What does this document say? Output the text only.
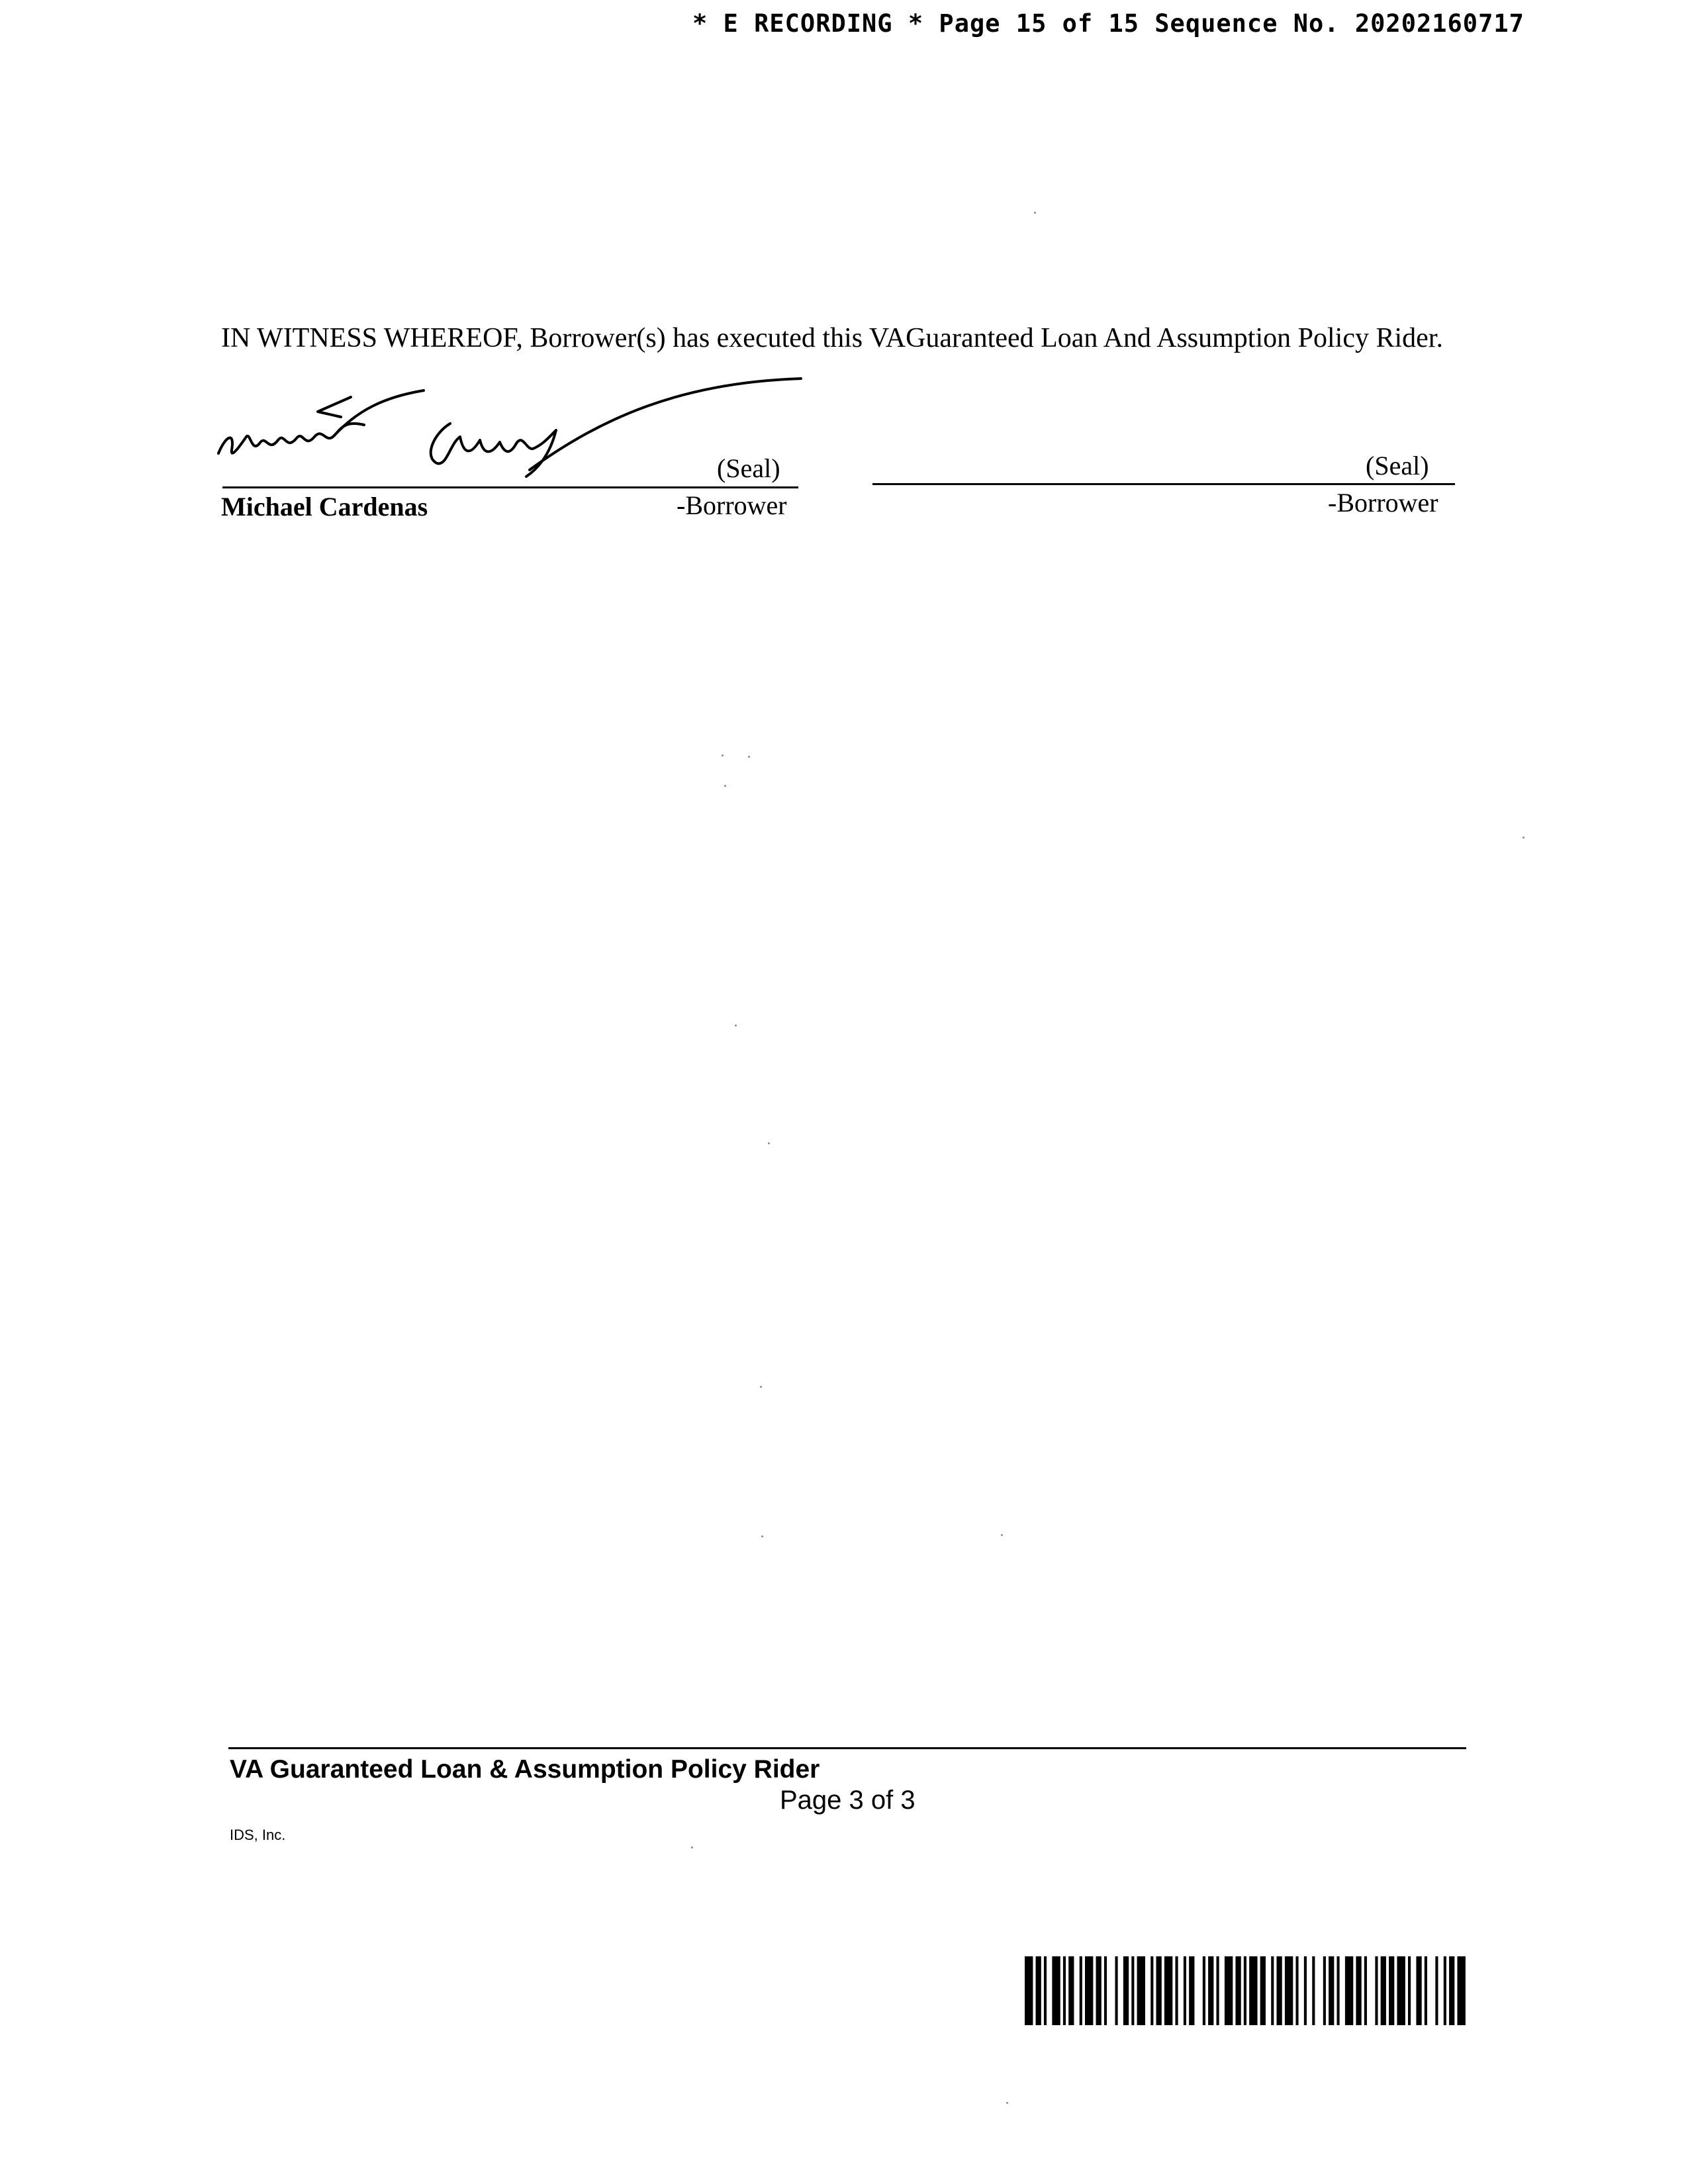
* E RECORDING * Page 15 of 15 Sequence No. 20202160717
IN WITNESS WHEREOF, Borrower(s) has executed this VAGuaranteed Loan And Assumption Policy Rider.
(Seal)
Michael Cardenas	-Borrower
(Seal)
-Borrower
VA Guaranteed Loan & Assumption Policy Rider
Page 3 of 3
IDS, Inc.
